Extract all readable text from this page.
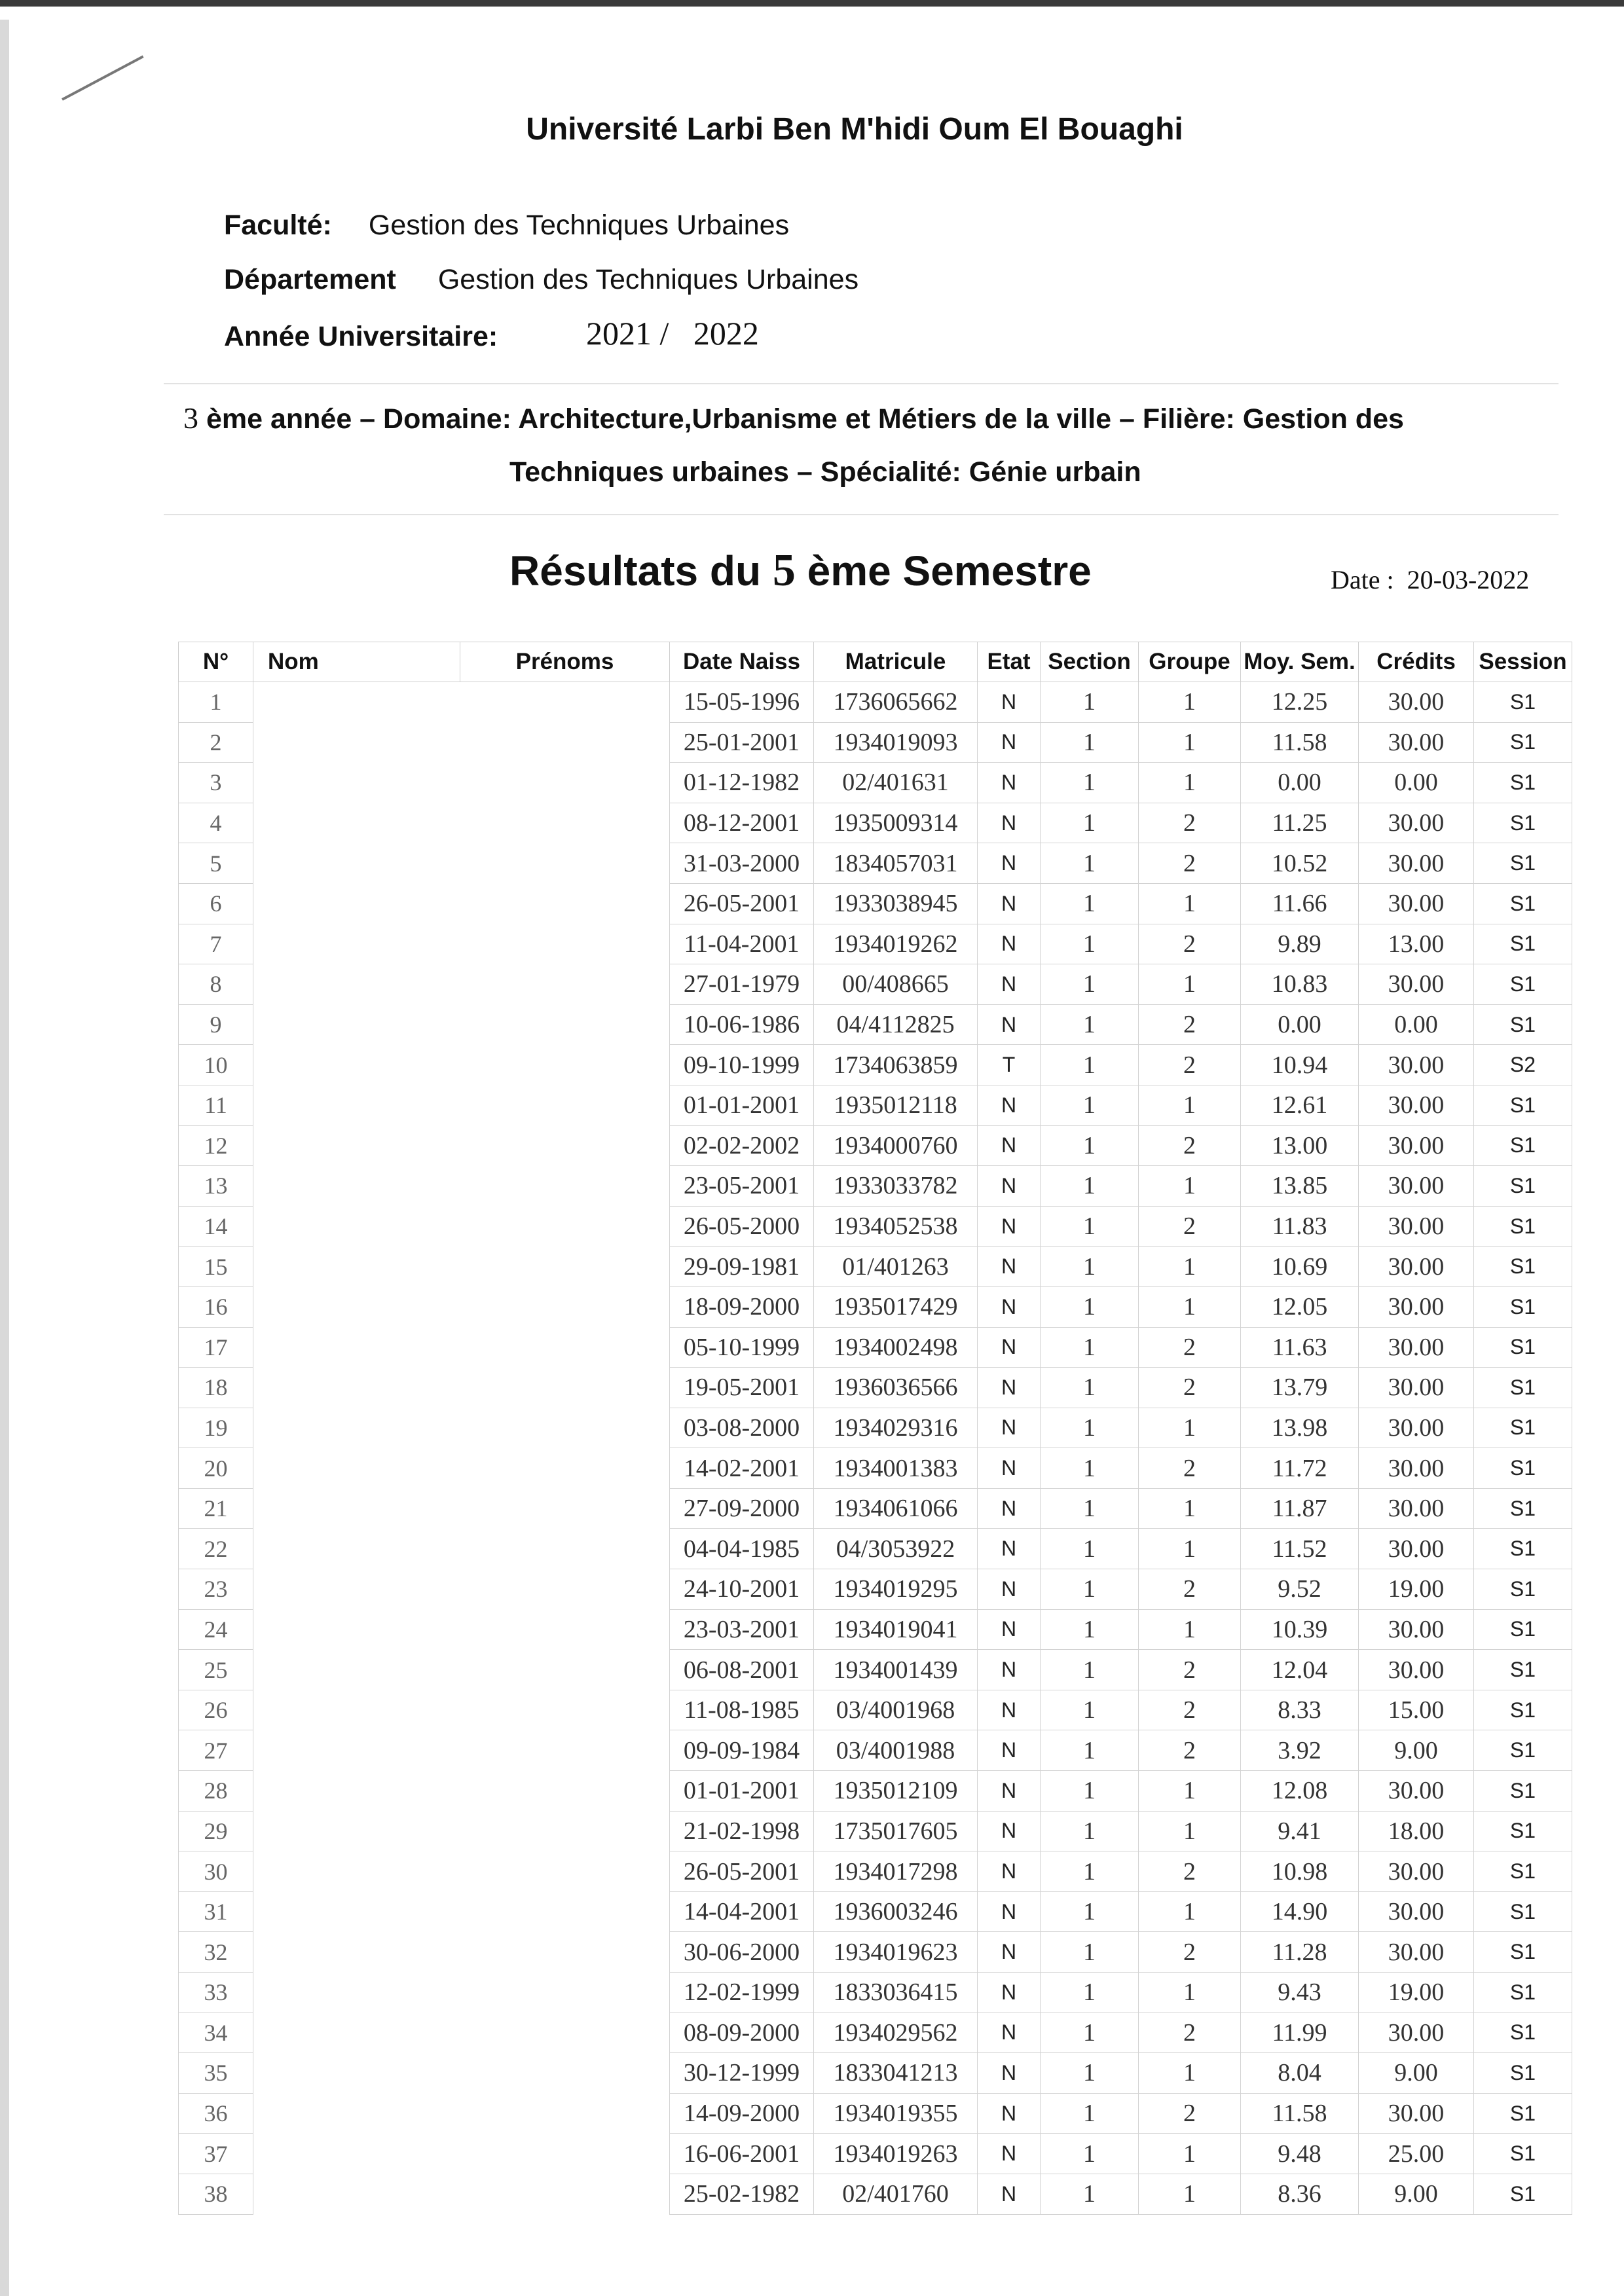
Université Larbi Ben M'hidi Oum El Bouaghi
Faculté: Gestion des Techniques Urbaines
Département Gestion des Techniques Urbaines
Année Universitaire:	2021 /   2022
3 ème année – Domaine: Architecture,Urbanisme et Métiers de la ville – Filière: Gestion des
Techniques urbaines – Spécialité: Génie urbain
Résultats du 5 ème Semestre	Date :  20-03-2022
N°	Nom	Prénoms	Date Naiss	Matricule	Etat	Section	Groupe	Moy. Sem.	Crédits	Session
1			15-05-1996	1736065662	N	1	1	12.25	30.00	S1
2			25-01-2001	1934019093	N	1	1	11.58	30.00	S1
3			01-12-1982	02/401631	N	1	1	0.00	0.00	S1
4			08-12-2001	1935009314	N	1	2	11.25	30.00	S1
5			31-03-2000	1834057031	N	1	2	10.52	30.00	S1
6			26-05-2001	1933038945	N	1	1	11.66	30.00	S1
7			11-04-2001	1934019262	N	1	2	9.89	13.00	S1
8			27-01-1979	00/408665	N	1	1	10.83	30.00	S1
9			10-06-1986	04/4112825	N	1	2	0.00	0.00	S1
10			09-10-1999	1734063859	T	1	2	10.94	30.00	S2
11			01-01-2001	1935012118	N	1	1	12.61	30.00	S1
12			02-02-2002	1934000760	N	1	2	13.00	30.00	S1
13			23-05-2001	1933033782	N	1	1	13.85	30.00	S1
14			26-05-2000	1934052538	N	1	2	11.83	30.00	S1
15			29-09-1981	01/401263	N	1	1	10.69	30.00	S1
16			18-09-2000	1935017429	N	1	1	12.05	30.00	S1
17			05-10-1999	1934002498	N	1	2	11.63	30.00	S1
18			19-05-2001	1936036566	N	1	2	13.79	30.00	S1
19			03-08-2000	1934029316	N	1	1	13.98	30.00	S1
20			14-02-2001	1934001383	N	1	2	11.72	30.00	S1
21			27-09-2000	1934061066	N	1	1	11.87	30.00	S1
22			04-04-1985	04/3053922	N	1	1	11.52	30.00	S1
23			24-10-2001	1934019295	N	1	2	9.52	19.00	S1
24			23-03-2001	1934019041	N	1	1	10.39	30.00	S1
25			06-08-2001	1934001439	N	1	2	12.04	30.00	S1
26			11-08-1985	03/4001968	N	1	2	8.33	15.00	S1
27			09-09-1984	03/4001988	N	1	2	3.92	9.00	S1
28			01-01-2001	1935012109	N	1	1	12.08	30.00	S1
29			21-02-1998	1735017605	N	1	1	9.41	18.00	S1
30			26-05-2001	1934017298	N	1	2	10.98	30.00	S1
31			14-04-2001	1936003246	N	1	1	14.90	30.00	S1
32			30-06-2000	1934019623	N	1	2	11.28	30.00	S1
33			12-02-1999	1833036415	N	1	1	9.43	19.00	S1
34			08-09-2000	1934029562	N	1	2	11.99	30.00	S1
35			30-12-1999	1833041213	N	1	1	8.04	9.00	S1
36			14-09-2000	1934019355	N	1	2	11.58	30.00	S1
37			16-06-2001	1934019263	N	1	1	9.48	25.00	S1
38			25-02-1982	02/401760	N	1	1	8.36	9.00	S1
